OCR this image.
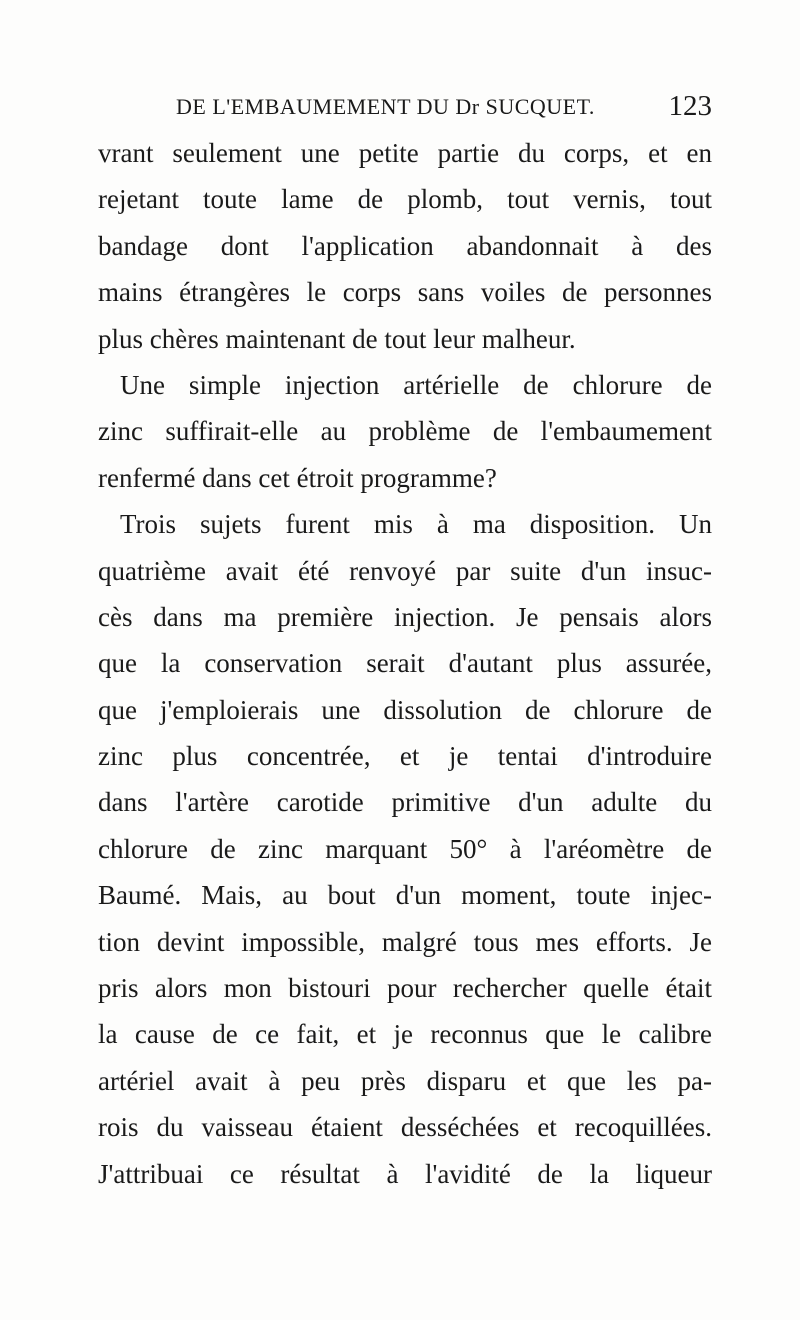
DE L'EMBAUMEMENT DU Dr SUCQUET.	123
vrant seulement une petite partie du corps, et en
rejetant toute lame de plomb, tout vernis, tout
bandage dont l'application abandonnait à des
mains étrangères le corps sans voiles de personnes
plus chères maintenant de tout leur malheur.
Une simple injection artérielle de chlorure de
zinc suffirait-elle au problème de l'embaumement
renfermé dans cet étroit programme?
Trois sujets furent mis à ma disposition. Un
quatrième avait été renvoyé par suite d'un insuc-
cès dans ma première injection. Je pensais alors
que la conservation serait d'autant plus assurée,
que j'emploierais une dissolution de chlorure de
zinc plus concentrée, et je tentai d'introduire
dans l'artère carotide primitive d'un adulte du
chlorure de zinc marquant 50° à l'aréomètre de
Baumé. Mais, au bout d'un moment, toute injec-
tion devint impossible, malgré tous mes efforts. Je
pris alors mon bistouri pour rechercher quelle était
la cause de ce fait, et je reconnus que le calibre
artériel avait à peu près disparu et que les pa-
rois du vaisseau étaient desséchées et recoquillées.
J'attribuai ce résultat à l'avidité de la liqueur
